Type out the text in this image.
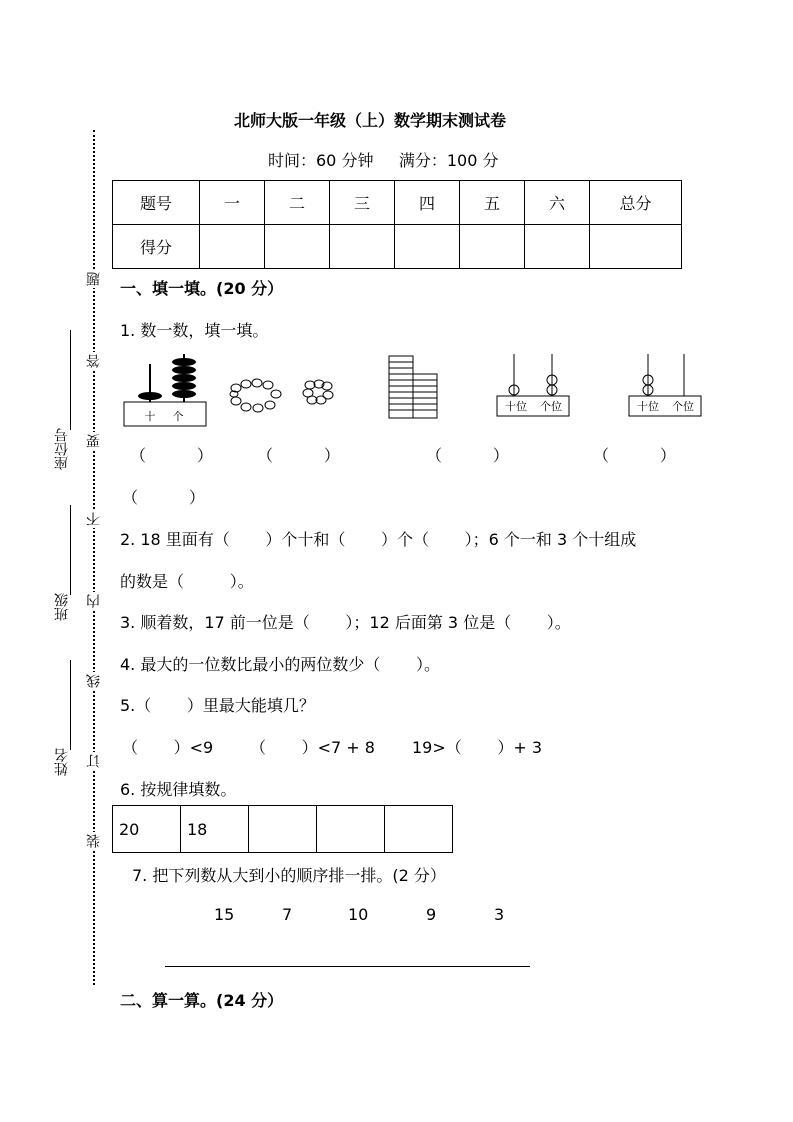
北师大版一年级（上）数学期末测试卷
时间：60 分钟     满分：100 分
题号	一	二	三	四	五	六	总分
得分							
题
答
要
不
内
线
订
装
座位号
班级
姓名
一、填一填。(20 分）
1. 数一数，填一填。
十 个
十位 个位	十位 个位
（          ）	（          ）	（          ）	（          ）
（          ）
2. 18 里面有（       ）个十和（       ）个（       ）；6 个一和 3 个十组成
的数是（         ）。
3. 顺着数，17 前一位是（       ）；12 后面第 3 位是（       ）。
4. 最大的一位数比最小的两位数少（       ）。
5.（       ）里最大能填几？
（       ）<9 （       ）<7 + 8 19>（       ）+ 3
6. 按规律填数。
20	18			
7. 把下列数从大到小的顺序排一排。(2 分）
15	7	10	9	3
二、算一算。(24 分）
